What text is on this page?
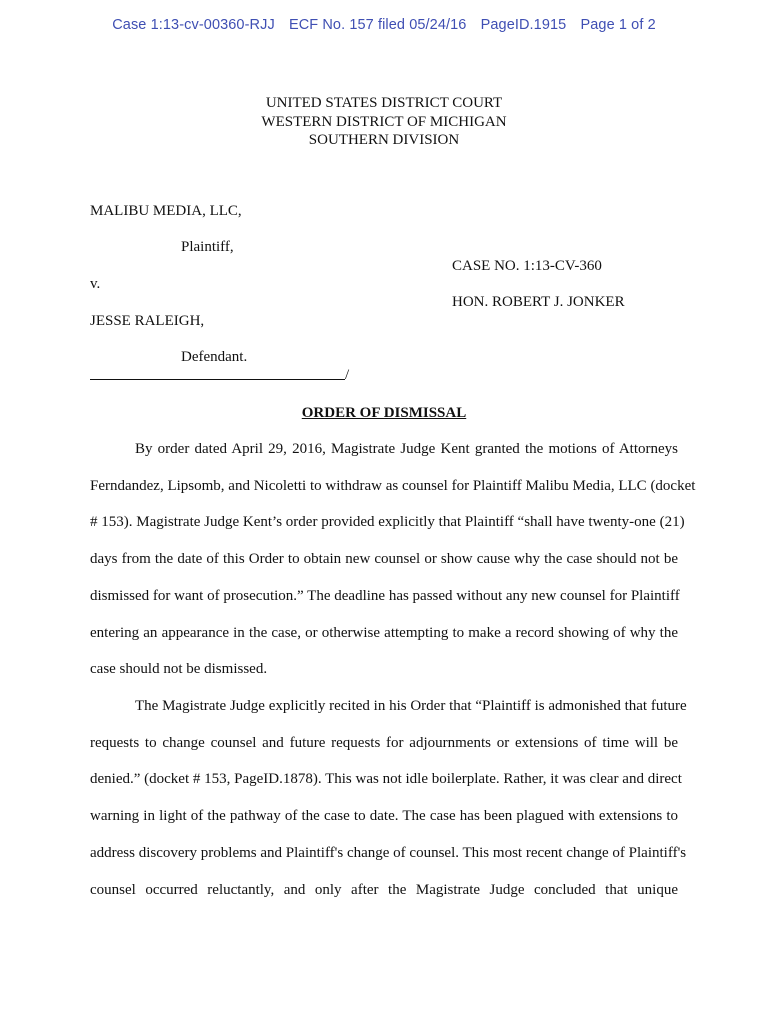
Case 1:13-cv-00360-RJJ ECF No. 157 filed 05/24/16 PageID.1915 Page 1 of 2
UNITED STATES DISTRICT COURT
WESTERN DISTRICT OF MICHIGAN
SOUTHERN DIVISION
MALIBU MEDIA, LLC,
Plaintiff,
CASE NO. 1:13-CV-360
v.
HON. ROBERT J. JONKER
JESSE RALEIGH,
Defendant.
/
ORDER OF DISMISSAL

By order dated April 29, 2016, Magistrate Judge Kent granted the motions of Attorneys
Ferndandez, Lipsomb, and Nicoletti to withdraw as counsel for Plaintiff Malibu Media, LLC (docket
# 153). Magistrate Judge Kent’s order provided explicitly that Plaintiff “shall have twenty-one (21)
days from the date of this Order to obtain new counsel or show cause why the case should not be
dismissed for want of prosecution.” The deadline has passed without any new counsel for Plaintiff
entering an appearance in the case, or otherwise attempting to make a record showing of why the
case should not be dismissed.

The Magistrate Judge explicitly recited in his Order that “Plaintiff is admonished that future
requests to change counsel and future requests for adjournments or extensions of time will be
denied.” (docket # 153, PageID.1878). This was not idle boilerplate. Rather, it was clear and direct
warning in light of the pathway of the case to date. The case has been plagued with extensions to
address discovery problems and Plaintiff's change of counsel. This most recent change of Plaintiff's
counsel occurred reluctantly, and only after the Magistrate Judge concluded that unique
